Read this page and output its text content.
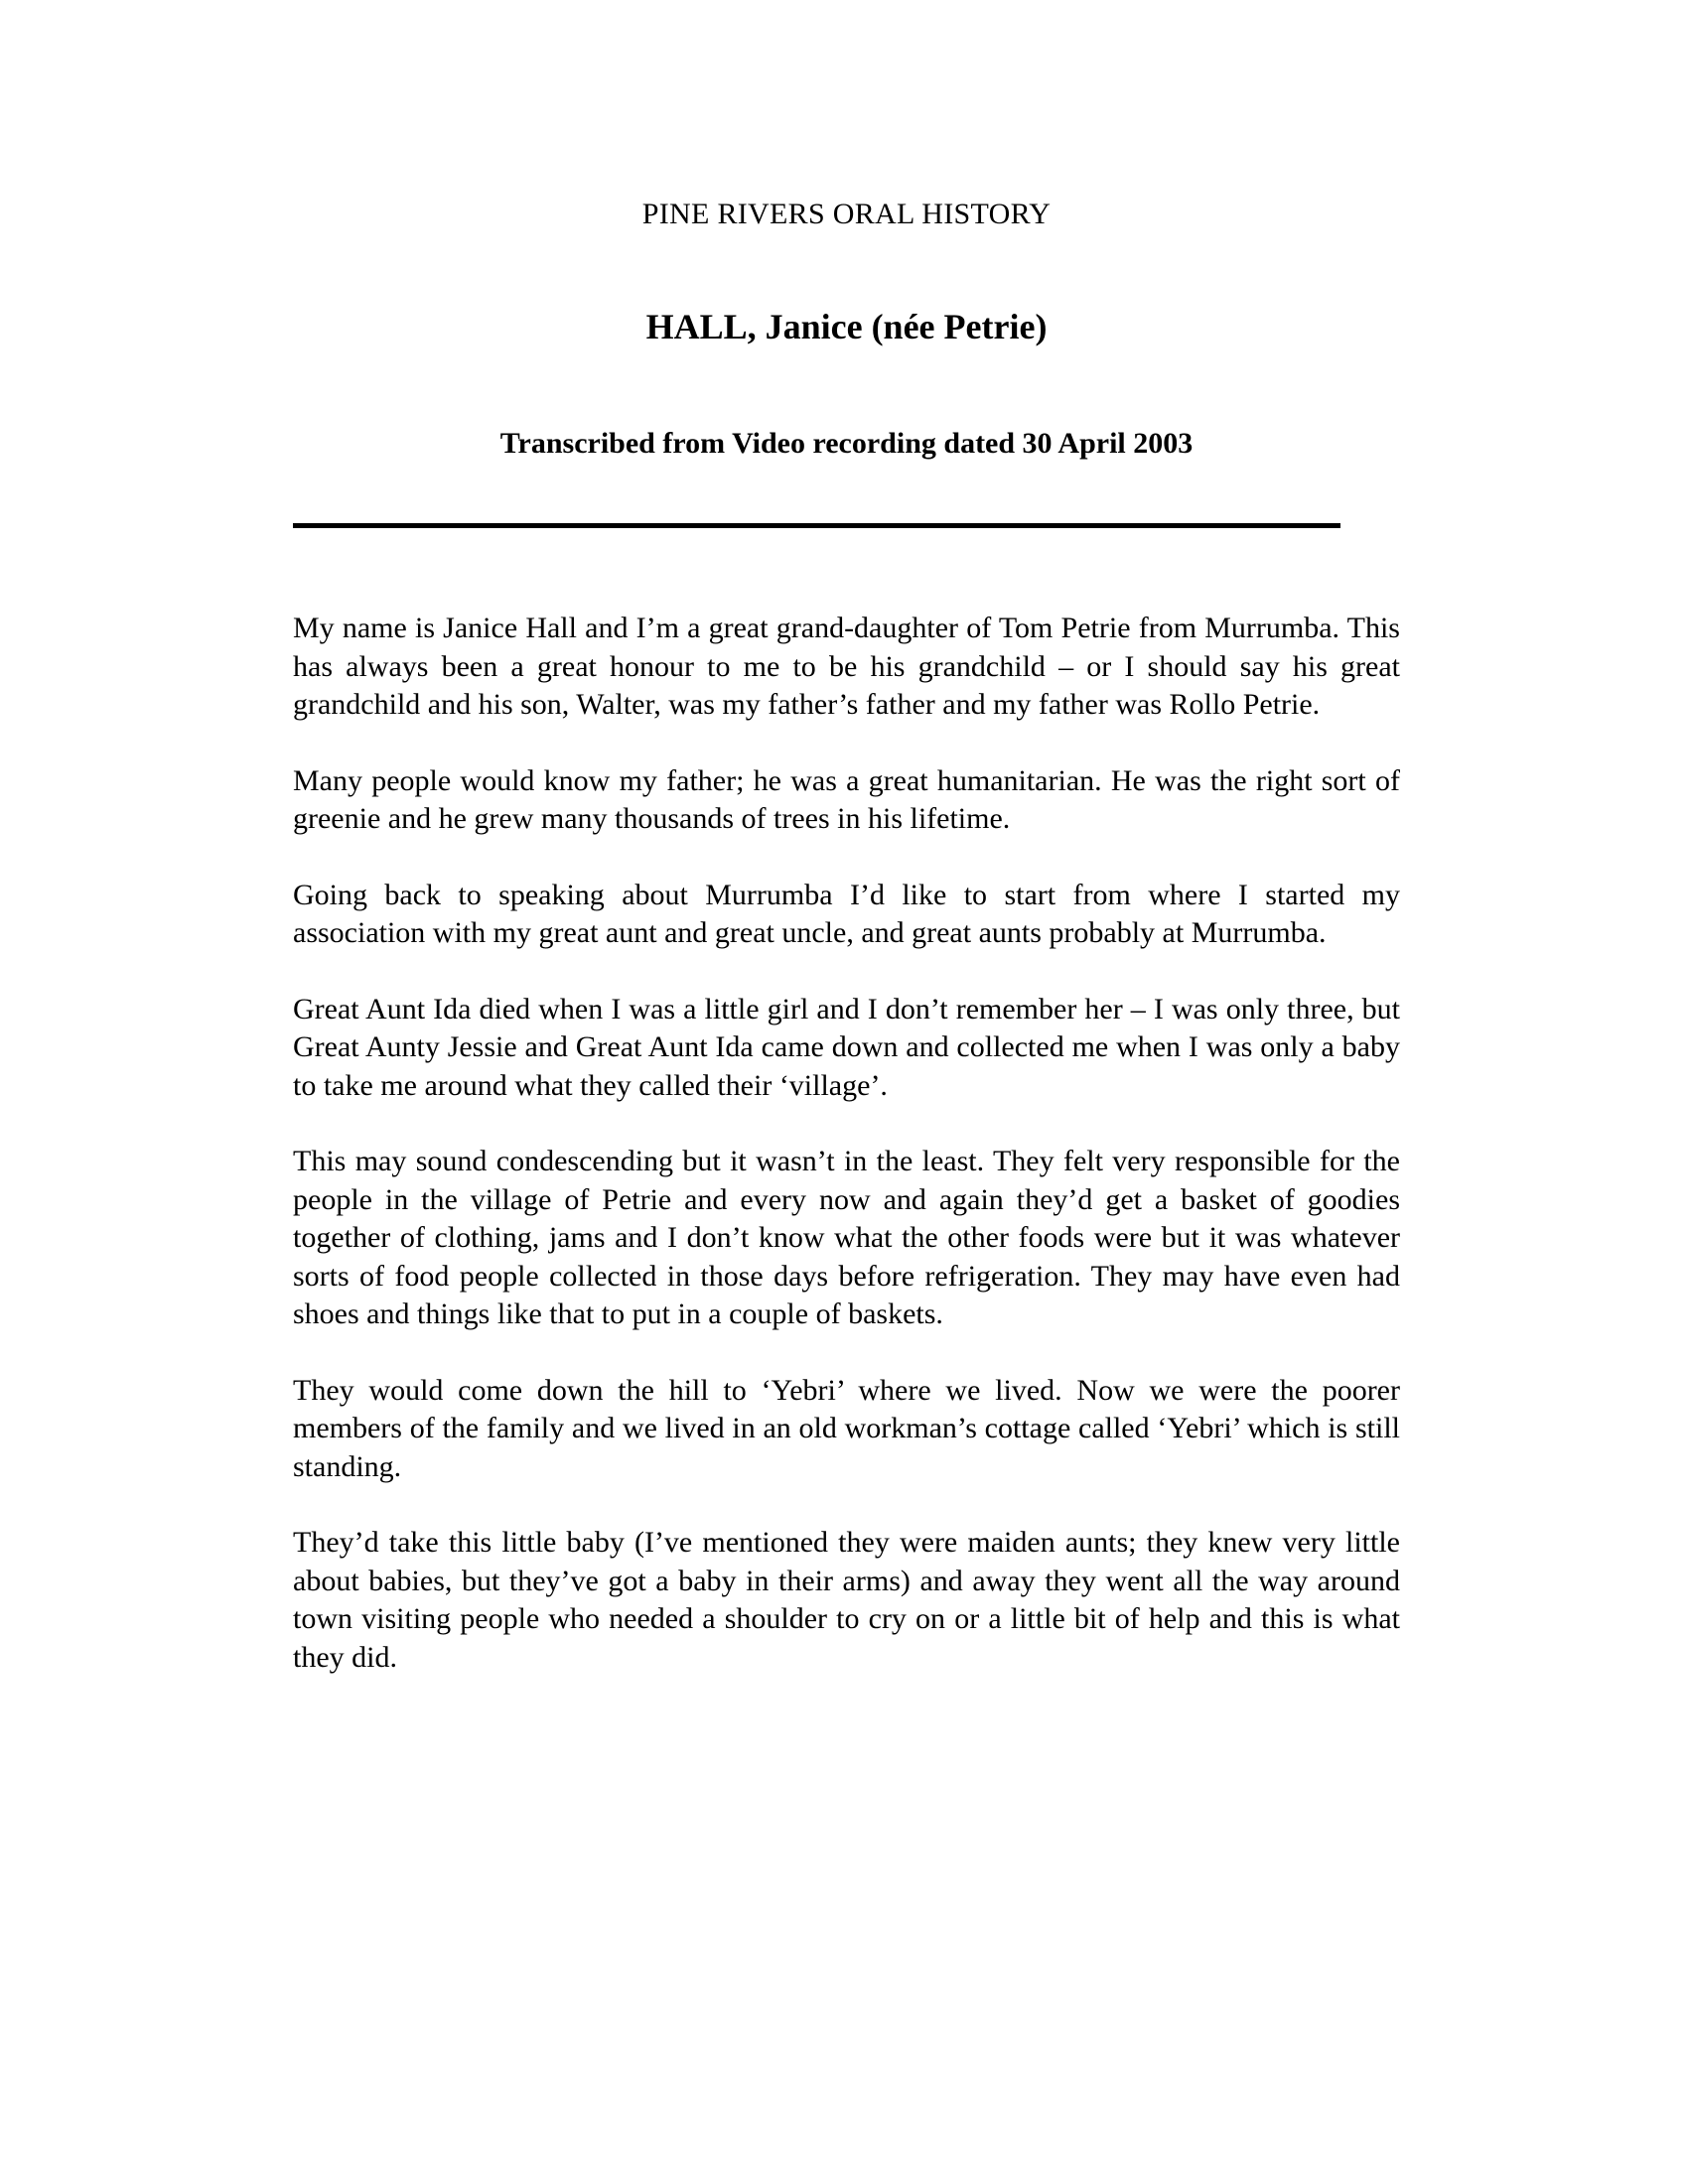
PINE RIVERS ORAL HISTORY
HALL, Janice (née Petrie)
Transcribed from Video recording dated 30 April 2003

My name is Janice Hall and I’m a great grand-daughter of Tom Petrie from Murrumba. This has always been a great honour to me to be his grandchild – or I should say his great grandchild and his son, Walter, was my father’s father and my father was Rollo Petrie.

Many people would know my father; he was a great humanitarian. He was the right sort of greenie and he grew many thousands of trees in his lifetime.

Going back to speaking about Murrumba I’d like to start from where I started my association with my great aunt and great uncle, and great aunts probably at Murrumba.

Great Aunt Ida died when I was a little girl and I don’t remember her – I was only three, but Great Aunty Jessie and Great Aunt Ida came down and collected me when I was only a baby to take me around what they called their ‘village’.

This may sound condescending but it wasn’t in the least. They felt very responsible for the people in the village of Petrie and every now and again they’d get a basket of goodies together of clothing, jams and I don’t know what the other foods were but it was whatever sorts of food people collected in those days before refrigeration. They may have even had shoes and things like that to put in a couple of baskets.

They would come down the hill to ‘Yebri’ where we lived. Now we were the poorer members of the family and we lived in an old workman’s cottage called ‘Yebri’ which is still standing.

They’d take this little baby (I’ve mentioned they were maiden aunts; they knew very little about babies, but they’ve got a baby in their arms) and away they went all the way around town visiting people who needed a shoulder to cry on or a little bit of help and this is what they did.
